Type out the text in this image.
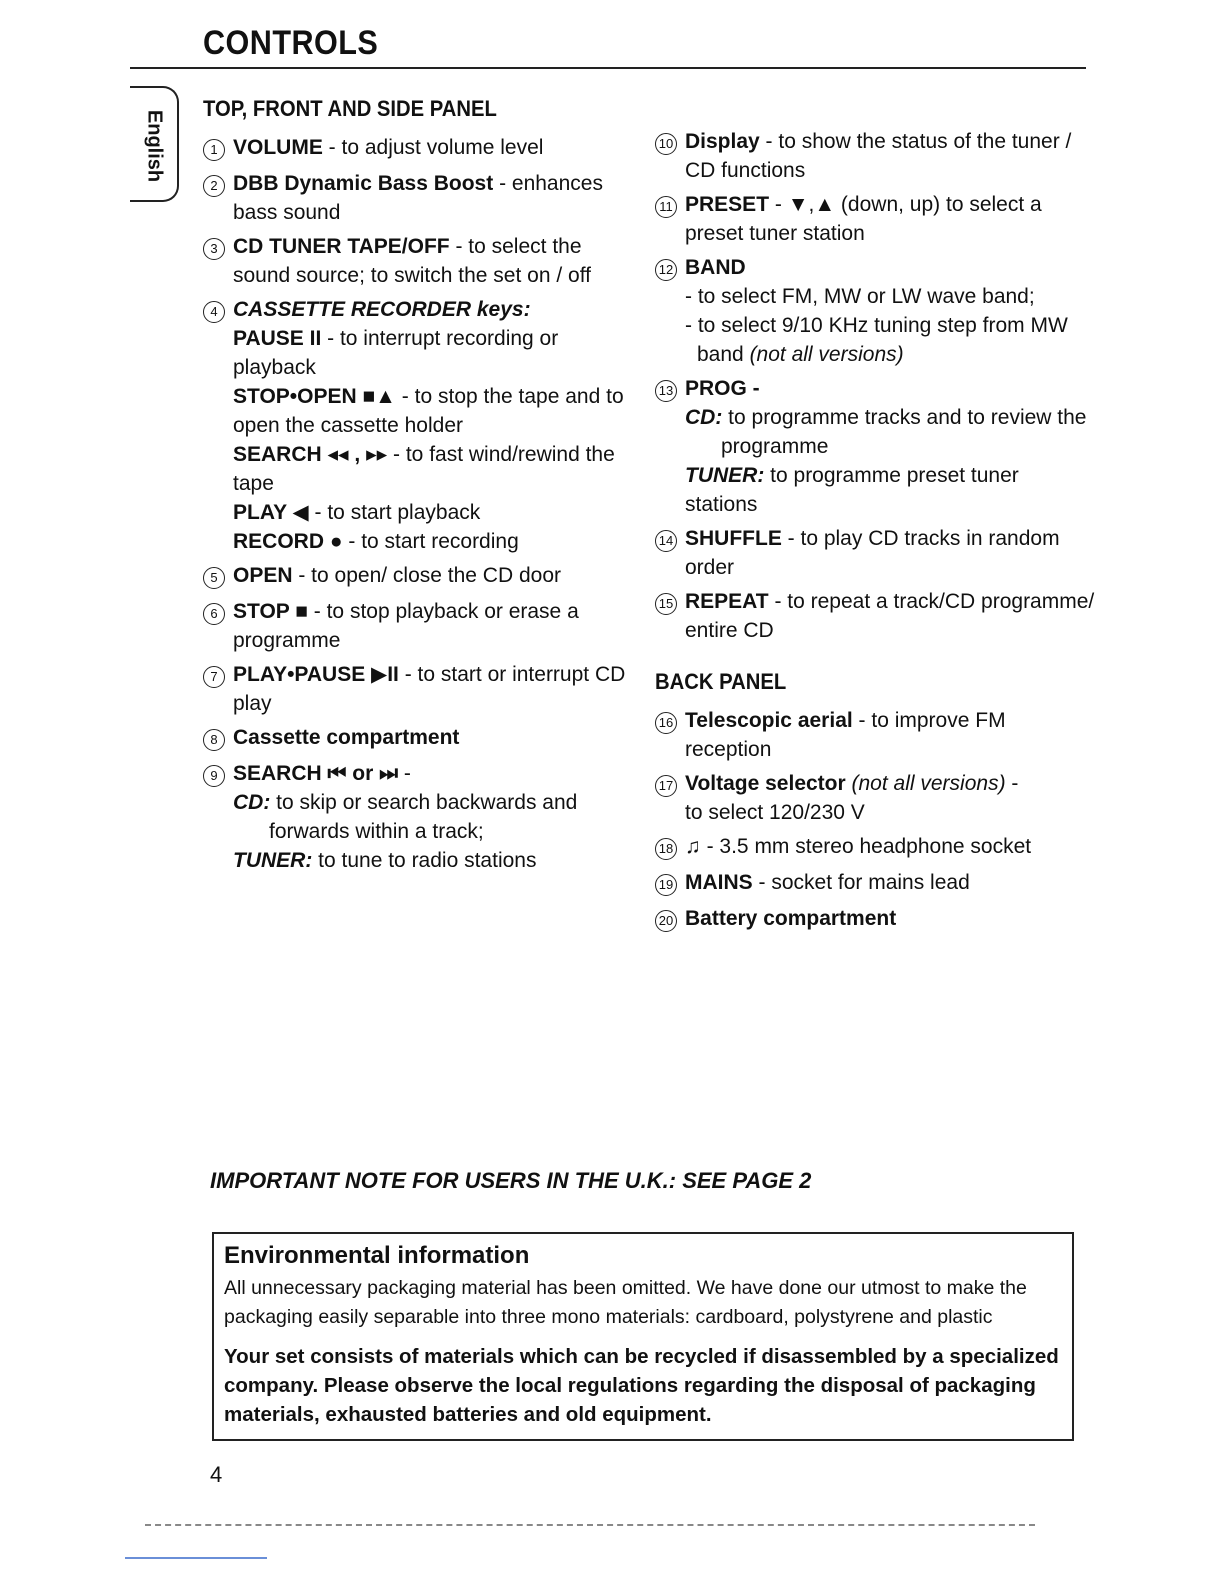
CONTROLS
English
TOP, FRONT AND SIDE PANEL
1 VOLUME - to adjust volume level
2 DBB Dynamic Bass Boost - enhances bass sound
3 CD TUNER TAPE/OFF - to select the sound source; to switch the set on / off
4 CASSETTE RECORDER keys:
PAUSE II - to interrupt recording or playback
STOP•OPEN ■▲ - to stop the tape and to open the cassette holder
SEARCH ◂◂ , ▸▸ - to fast wind/rewind the tape
PLAY ◀ - to start playback
RECORD ● - to start recording
5 OPEN - to open/ close the CD door
6 STOP ■ - to stop playback or erase a programme
7 PLAY•PAUSE ▶II - to start or interrupt CD play
8 Cassette compartment
9 SEARCH ⏮ or ⏭ -
CD: to skip or search backwards and
forwards within a track;
TUNER: to tune to radio stations
10 Display - to show the status of the tuner / CD functions
11 PRESET - ▼,▲ (down, up) to select a preset tuner station
12 BAND
- to select FM, MW or LW wave band;
- to select 9/10 KHz tuning step from MW
band (not all versions)
13 PROG -
CD: to programme tracks and to review the
programme
TUNER: to programme preset tuner stations
14 SHUFFLE - to play CD tracks in random order
15 REPEAT - to repeat a track/CD programme/ entire CD
BACK PANEL
16 Telescopic aerial - to improve FM reception
17 Voltage selector (not all versions) -
to select 120/230 V
18 ♫ - 3.5 mm stereo headphone socket
19 MAINS - socket for mains lead
20 Battery compartment
IMPORTANT NOTE FOR USERS IN THE U.K.: SEE PAGE 2
Environmental information
All unnecessary packaging material has been omitted. We have done our utmost to make the packaging easily separable into three mono materials: cardboard, polystyrene and plastic
Your set consists of materials which can be recycled if disassembled by a specialized company. Please observe the local regulations regarding the disposal of packaging materials, exhausted batteries and old equipment.
4
